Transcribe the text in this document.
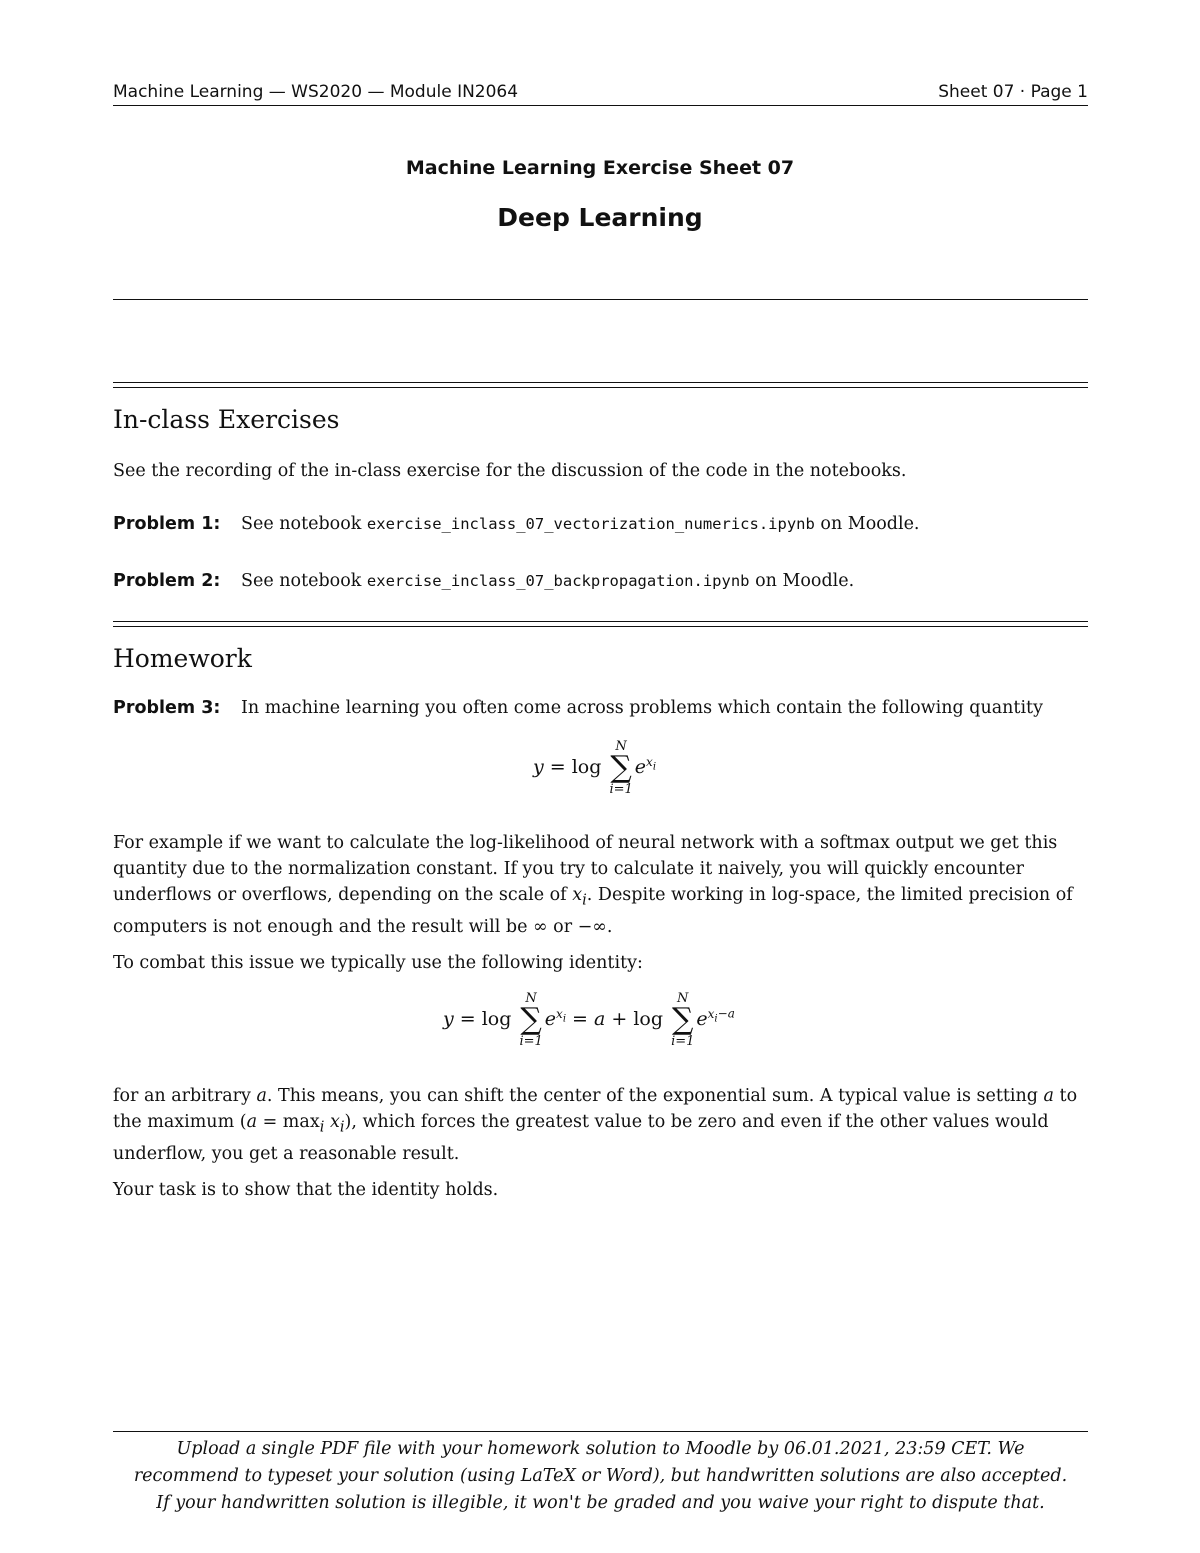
Machine Learning — WS2020 — Module IN2064	Sheet 07 · Page 1
Machine Learning Exercise Sheet 07
Deep Learning
In-class Exercises

See the recording of the in-class exercise for the discussion of the code in the notebooks.

Problem 1: See notebook exercise_inclass_07_vectorization_numerics.ipynb on Moodle.
Problem 2: See notebook exercise_inclass_07_backpropagation.ipynb on Moodle.
Homework
Problem 3: In machine learning you often come across problems which contain the following quantity
y = log
N
∑
i=1
$e^{x_i}$

For example if we want to calculate the log-likelihood of neural network with a softmax output we get this quantity due to the normalization constant. If you try to calculate it naively, you will quickly encounter underflows or overflows, depending on the scale of $x_i$. Despite working in log-space, the limited precision of computers is not enough and the result will be ∞ or −∞.

To combat this issue we typically use the following identity:

y = log
N
∑
i=1
$e^{x_i} = a + \log$
N
∑
i=1
$e^{x_i-a}$

for an arbitrary a. This means, you can shift the center of the exponential sum. A typical value is setting a to the maximum $(a = \max_i x_i)$, which forces the greatest value to be zero and even if the other values would underflow, you get a reasonable result.

Your task is to show that the identity holds.

Upload a single PDF file with your homework solution to Moodle by 06.01.2021, 23:59 CET. We
recommend to typeset your solution (using LaTeX or Word), but handwritten solutions are also accepted.
If your handwritten solution is illegible, it won't be graded and you waive your right to dispute that.
